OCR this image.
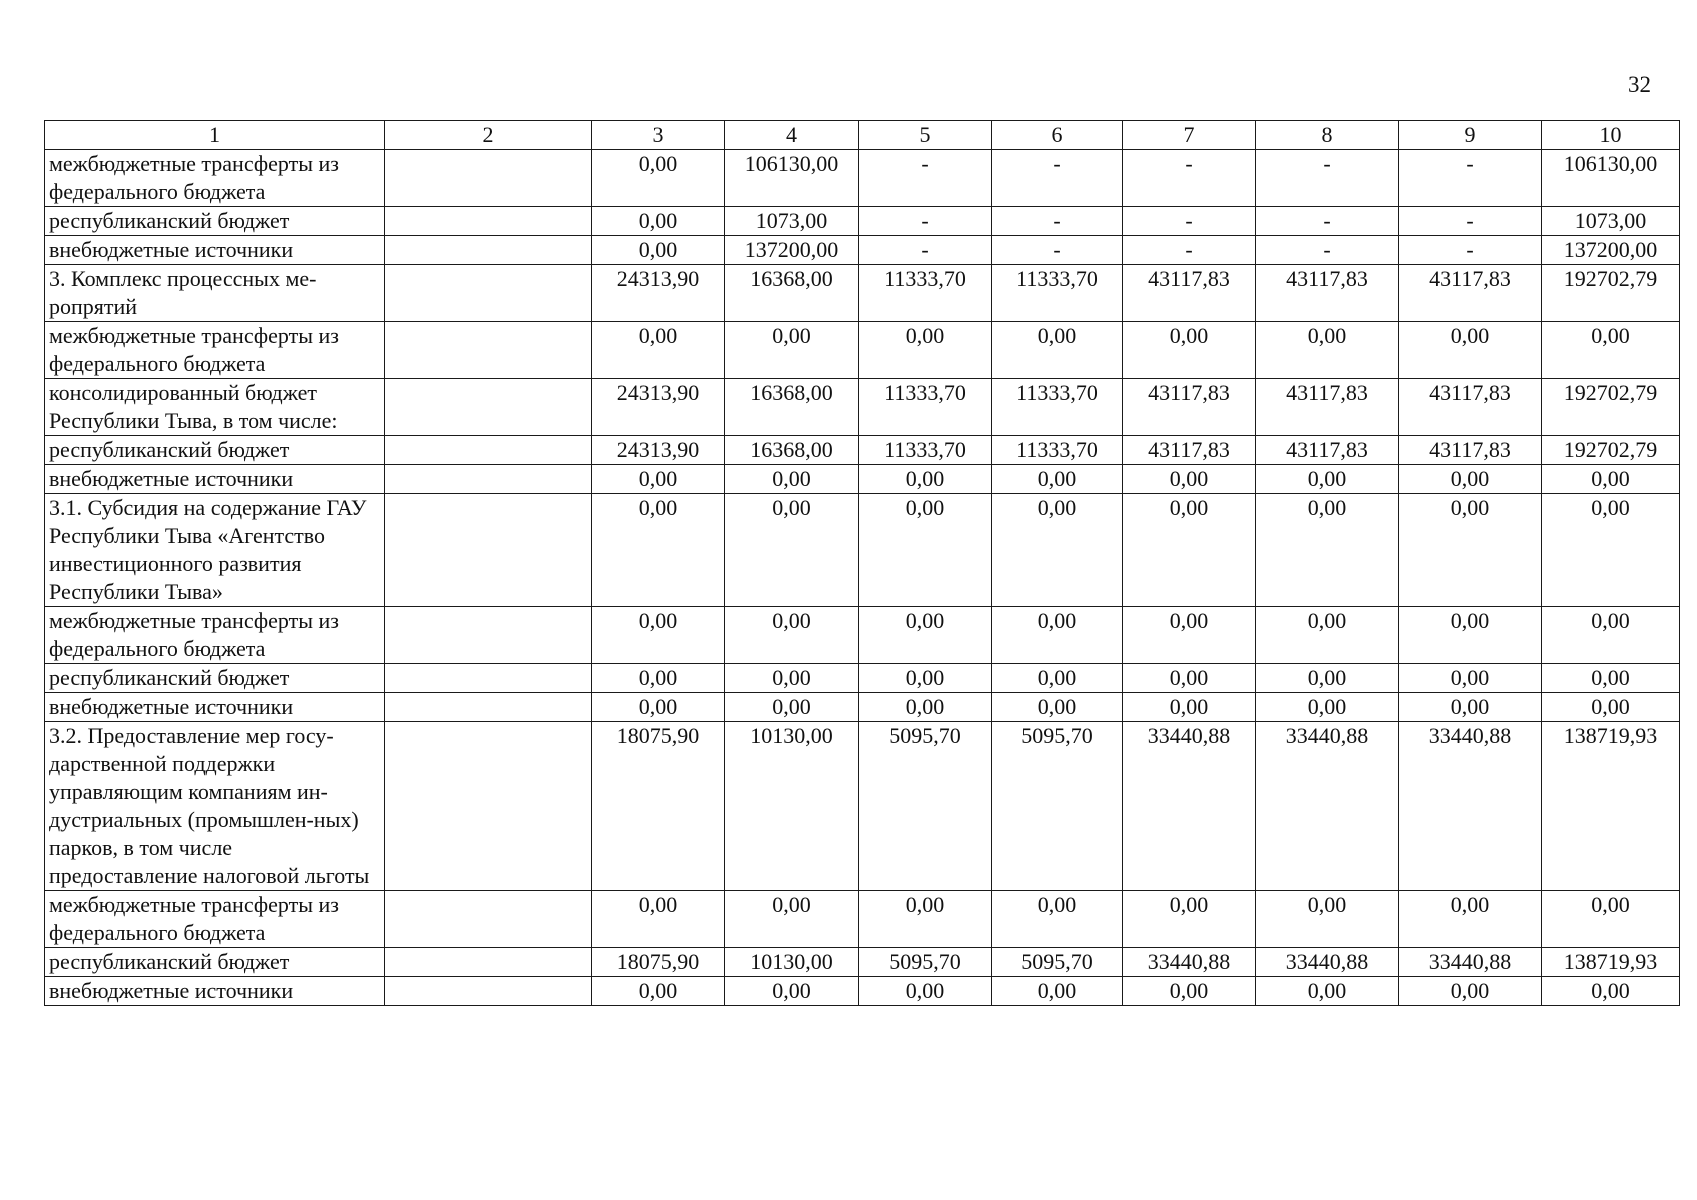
32
1	2	3	4	5	6	7	8	9	10
межбюджетные трансферты из федерального бюджета		0,00	106130,00	-	-	-	-	-	106130,00
республиканский бюджет		0,00	1073,00	-	-	-	-	-	1073,00
внебюджетные источники		0,00	137200,00	-	-	-	-	-	137200,00
3. Комплекс процессных ме-ропрятий		24313,90	16368,00	11333,70	11333,70	43117,83	43117,83	43117,83	192702,79
межбюджетные трансферты из федерального бюджета		0,00	0,00	0,00	0,00	0,00	0,00	0,00	0,00
консолидированный бюджет Республики Тыва, в том числе:		24313,90	16368,00	11333,70	11333,70	43117,83	43117,83	43117,83	192702,79
республиканский бюджет		24313,90	16368,00	11333,70	11333,70	43117,83	43117,83	43117,83	192702,79
внебюджетные источники		0,00	0,00	0,00	0,00	0,00	0,00	0,00	0,00
3.1. Субсидия на содержание ГАУ Республики Тыва «Агентство инвестиционного развития Республики Тыва»		0,00	0,00	0,00	0,00	0,00	0,00	0,00	0,00
межбюджетные трансферты из федерального бюджета		0,00	0,00	0,00	0,00	0,00	0,00	0,00	0,00
республиканский бюджет		0,00	0,00	0,00	0,00	0,00	0,00	0,00	0,00
внебюджетные источники		0,00	0,00	0,00	0,00	0,00	0,00	0,00	0,00
3.2. Предоставление мер госу-дарственной поддержки управляющим компаниям ин-дустриальных (промышлен-ных) парков, в том числе предоставление налоговой льготы		18075,90	10130,00	5095,70	5095,70	33440,88	33440,88	33440,88	138719,93
межбюджетные трансферты из федерального бюджета		0,00	0,00	0,00	0,00	0,00	0,00	0,00	0,00
республиканский бюджет		18075,90	10130,00	5095,70	5095,70	33440,88	33440,88	33440,88	138719,93
внебюджетные источники		0,00	0,00	0,00	0,00	0,00	0,00	0,00	0,00
